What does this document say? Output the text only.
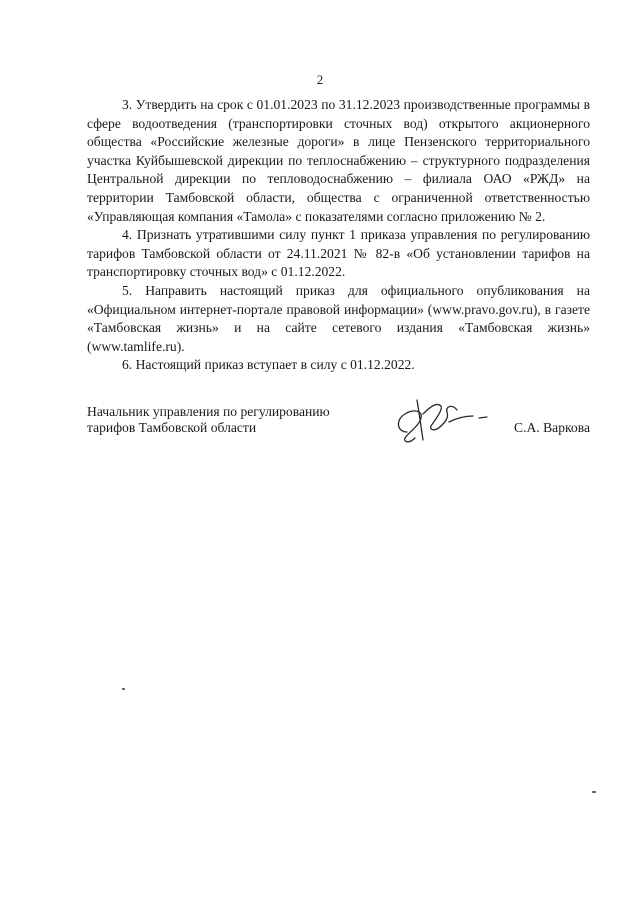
2

3. Утвердить на срок с 01.01.2023 по 31.12.2023 производственные программы в сфере водоотведения (транспортировки сточных вод) открытого акционерного общества «Российские железные дороги» в лице Пензенского территориального участка Куйбышевской дирекции по теплоснабжению – структурного подразделения Центральной дирекции по тепловодоснабжению – филиала ОАО «РЖД» на территории Тамбовской области, общества с ограниченной ответственностью «Управляющая компания «Тамола» с показателями согласно приложению № 2.

4. Признать утратившими силу пункт 1 приказа управления по регулированию тарифов Тамбовской области от 24.11.2021 № 82-в «Об установлении тарифов на транспортировку сточных вод» с 01.12.2022.

5. Направить настоящий приказ для официального опубликования на «Официальном интернет-портале правовой информации» (www.pravo.gov.ru), в газете «Тамбовская жизнь» и на сайте сетевого издания «Тамбовская жизнь» (www.tamlife.ru).

6. Настоящий приказ вступает в силу с 01.12.2022.

Начальник управления по регулированию
тарифов Тамбовской области	С.А. Варкова
